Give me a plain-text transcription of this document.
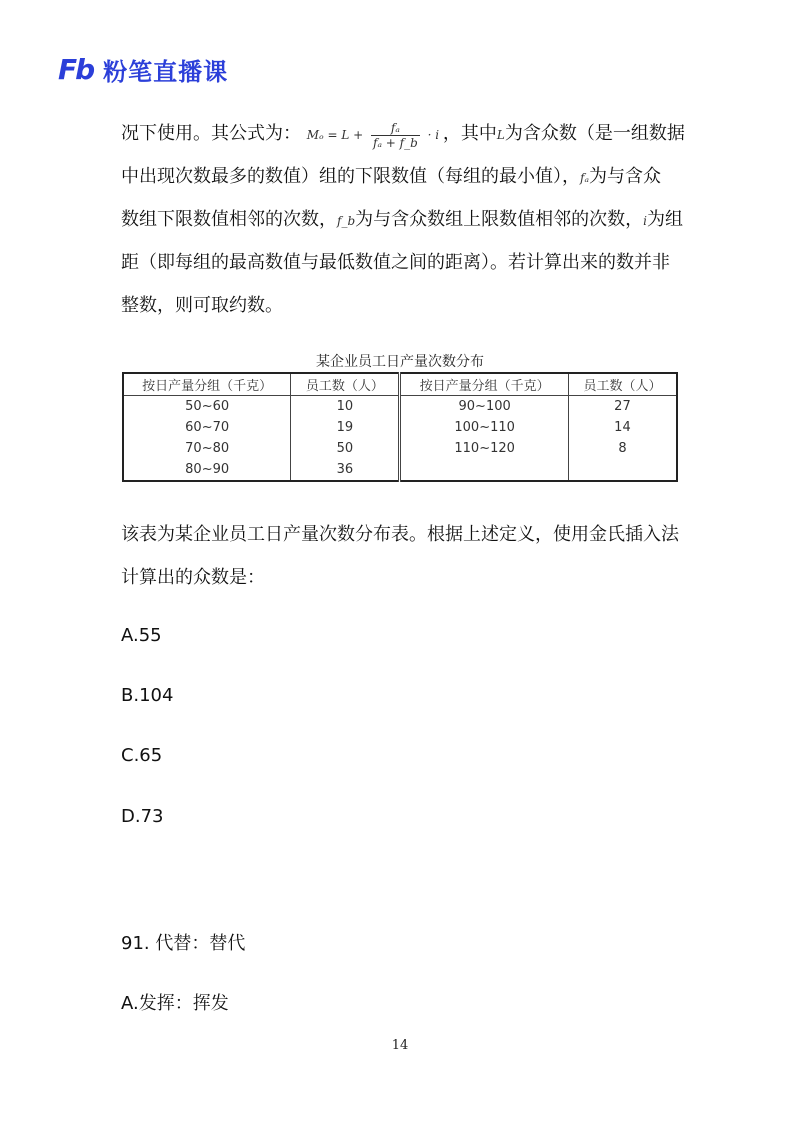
Fb 粉笔直播课
况下使用。其公式为： $M_o = L + \frac{\text{fₐ}}{\text{fₐ + f\_b}} \cdot i$ ，其中L为含众数（是一组数据
中出现次数最多的数值）组的下限数值（每组的最小值），fₐ为与含众
数组下限数值相邻的次数，f_b为与含众数组上限数值相邻的次数，i为组
距（即每组的最高数值与最低数值之间的距离）。若计算出来的数并非
整数，则可取约数。
某企业员工日产量次数分布
按日产量分组（千克）	员工数（人）	按日产量分组（千克）	员工数（人）
50~60	10	90~100	27
60~70	19	100~110	14
70~80	50	110~120	8
80~90	36		
该表为某企业员工日产量次数分布表。根据上述定义，使用金氏插入法
计算出的众数是：
A.55
B.104
C.65
D.73
91. 代替：替代
A.发挥：挥发
14
